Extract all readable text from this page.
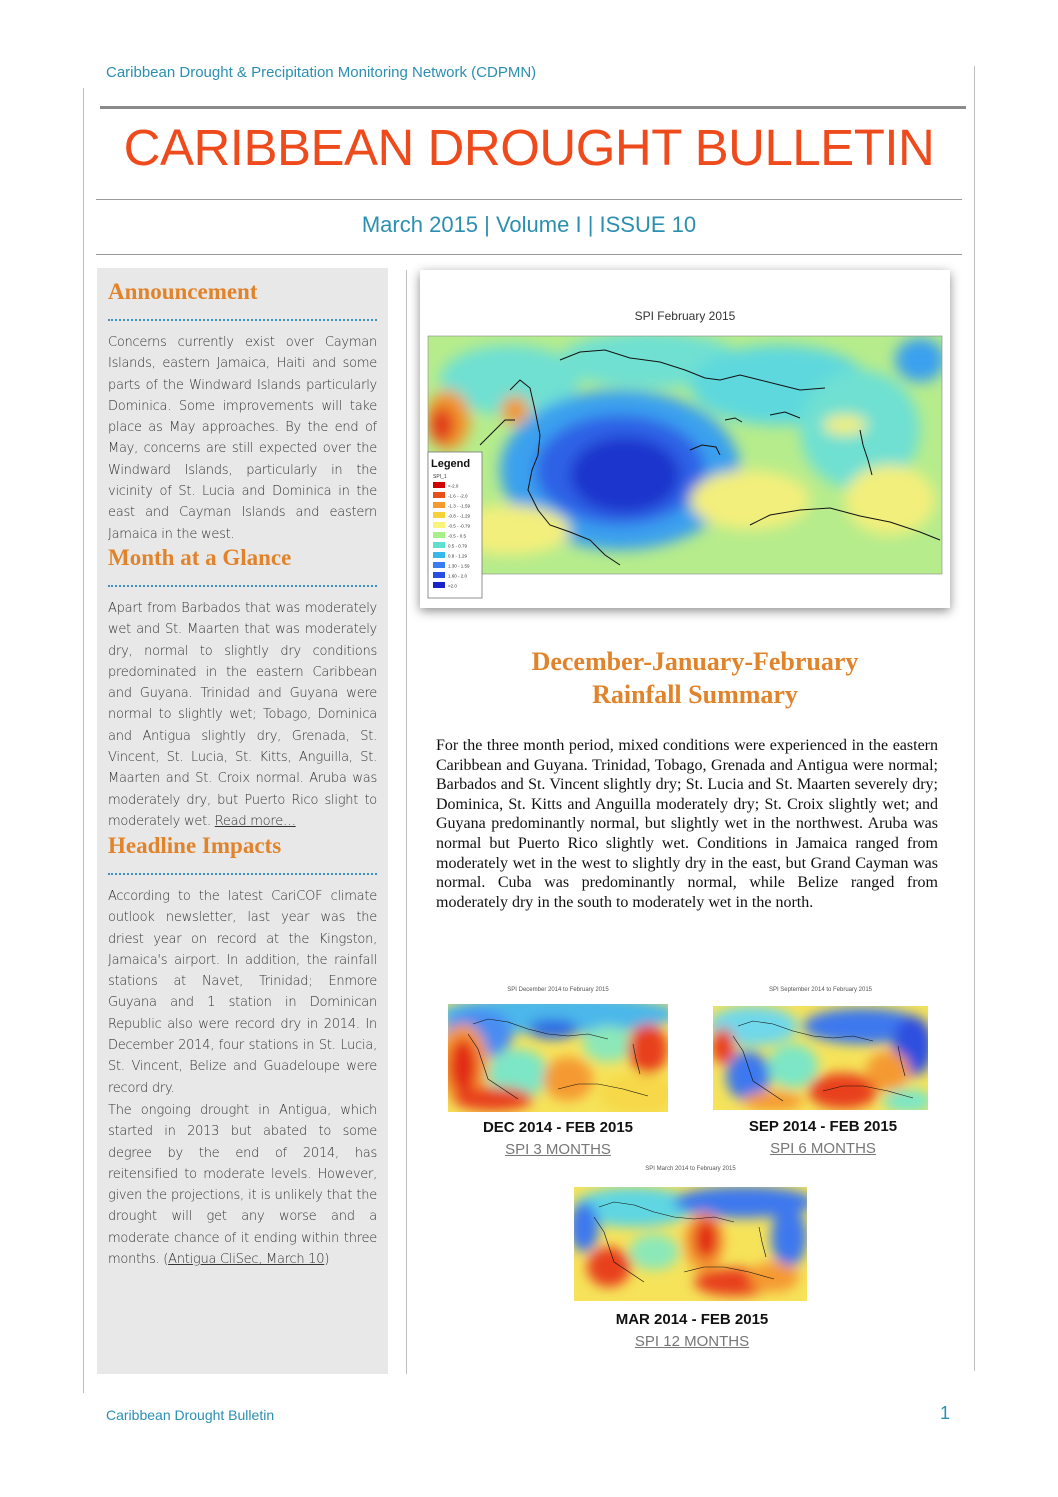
Caribbean Drought & Precipitation Monitoring Network (CDPMN)
CARIBBEAN DROUGHT BULLETIN
March 2015 | Volume I | ISSUE 10
Announcement
Concerns currently exist over Cayman Islands, eastern Jamaica, Haiti and some parts of the Windward Islands particularly Dominica. Some improvements will take place as May approaches. By the end of May, concerns are still expected over the Windward Islands, particularly in the vicinity of St. Lucia and Dominica in the east and Cayman Islands and eastern Jamaica in the west.
Month at a Glance
Apart from Barbados that was moderately wet and St. Maarten that was moderately dry, normal to slightly dry conditions predominated in the eastern Caribbean and Guyana. Trinidad and Guyana were normal to slightly wet; Tobago, Dominica and Antigua slightly dry, Grenada, St. Vincent, St. Lucia, St. Kitts, Anguilla, St. Maarten and St. Croix normal. Aruba was moderately dry, but Puerto Rico slight to moderately wet. Read more…
Headline Impacts
According to the latest CariCOF climate outlook newsletter, last year was the driest year on record at the Kingston, Jamaica's airport. In addition, the rainfall stations at Navet, Trinidad; Enmore Guyana and 1 station in Dominican Republic also were record dry in 2014. In December 2014, four stations in St. Lucia, St. Vincent, Belize and Guadeloupe were record dry.
The ongoing drought in Antigua, which started in 2013 but abated to some degree by the end of 2014, has reitensified to moderate levels. However, given the projections, it is unlikely that the drought will get any worse and a moderate chance of it ending within three months. (Antigua CliSec, March 10)
SPI February 2015
Legend
SPI_1
<-2.0
-1.6 - -2.0
-1.3 - -1.59
-0.8 - -1.29
-0.5 - -0.79
-0.5 - 0.5
0.5 - 0.79
0.8 - 1.29
1.30 - 1.59
1.60 - 2.0
>2.0
December-January-February
Rainfall Summary
For the three month period, mixed conditions were experienced in the eastern Caribbean and Guyana. Trinidad, Tobago, Grenada and Antigua were normal; Barbados and St. Vincent slightly dry; St. Lucia and St. Maarten severely dry; Dominica, St. Kitts and Anguilla moderately dry; St. Croix slightly wet; and Guyana predominantly normal, but slightly wet in the northwest. Aruba was normal but Puerto Rico slightly wet. Conditions in Jamaica ranged from moderately wet in the west to slightly dry in the east, but Grand Cayman was normal. Cuba was predominantly normal, while Belize ranged from moderately dry in the south to moderately wet in the north.
SPI December 2014 to February 2015
DEC 2014 - FEB 2015
SPI 3 MONTHS
SPI September 2014 to February 2015
SEP 2014 - FEB 2015
SPI 6 MONTHS
SPI March 2014 to February 2015
MAR 2014 - FEB 2015
SPI 12 MONTHS
Caribbean Drought Bulletin	1
